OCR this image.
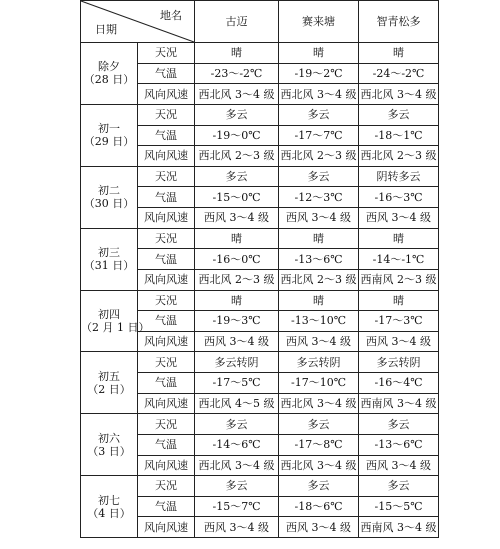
地名
日期		古迈	赛来塘	智青松多

除夕
（28 日）	天况	晴	晴	晴
	气温	-23～-2℃	-19～2℃	-24～-2℃
	风向风速	西北风 3～4 级	西北风 3～4 级	西北风 3～4 级

初一
（29 日）	天况	多云	多云	多云
	气温	-19～0℃	-17～7℃	-18～1℃
	风向风速	西北风 2～3 级	西北风 2～3 级	西北风 2～3 级

初二
（30 日）	天况	多云	多云	阴转多云
	气温	-15～0℃	-12～3℃	-16～3℃
	风向风速	西风 3～4 级	西风 3～4 级	西风 3～4 级

初三
（31 日）	天况	晴	晴	晴
	气温	-16～0℃	-13～6℃	-14～-1℃
	风向风速	西北风 2～3 级	西北风 2～3 级	西南风 2～3 级

初四
（2 月 1 日）	天况	晴	晴	晴
	气温	-19～3℃	-13～10℃	-17～3℃
	风向风速	西风 3～4 级	西风 3～4 级	西风 3～4 级

初五
（2 日）	天况	多云转阴	多云转阴	多云转阴
	气温	-17～5℃	-17～10℃	-16～4℃
	风向风速	西北风 4～5 级	西北风 3～4 级	西南风 3～4 级

初六
（3 日）	天况	多云	多云	多云
	气温	-14～6℃	-17～8℃	-13～6℃
	风向风速	西北风 3～4 级	西北风 3～4 级	西风 3～4 级

初七
（4 日）	天况	多云	多云	多云
	气温	-15～7℃	-18～6℃	-15～5℃
	风向风速	西风 3～4 级	西风 3～4 级	西南风 3～4 级
